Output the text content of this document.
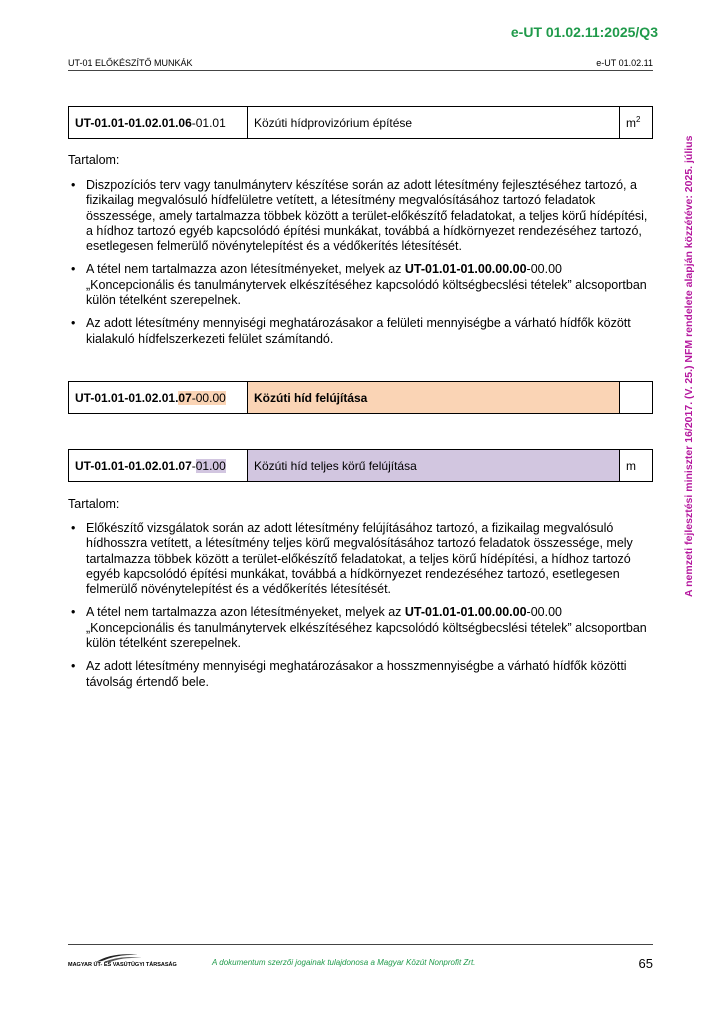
e-UT 01.02.11:2025/Q3
UT-01 ELŐKÉSZÍTŐ MUNKÁK	e-UT 01.02.11
A nemzeti fejlesztési miniszter 16/2017. (V. 25.) NFM rendelete alapján közzétéve: 2025. július
UT-01.01-01.02.01.06-01.01	Közúti hídprovizórium építése	$m^2$
Tartalom:
• Diszpozíciós terv vagy tanulmányterv készítése során az adott létesítmény fejlesztéséhez tartozó, a fizikailag megvalósuló hídfelületre vetített, a létesítmény megvalósításához tartozó feladatok összessége, amely tartalmazza többek között a terület-előkészítő feladatokat, a teljes körű hídépítési, a hídhoz tartozó egyéb kapcsolódó építési munkákat, továbbá a hídkörnyezet rendezéséhez tartozó, esetlegesen felmerülő növénytelepítést és a védőkerítés létesítését.
• A tétel nem tartalmazza azon létesítményeket, melyek az UT-01.01-01.00.00.00-00.00 „Koncepcionális és tanulmánytervek elkészítéséhez kapcsolódó költségbecslési tételek” alcsoportban külön tételként szerepelnek.
• Az adott létesítmény mennyiségi meghatározásakor a felületi mennyiségbe a várható hídfők között kialakuló hídfelszerkezeti felület számítandó.
UT-01.01-01.02.01.07-00.00	Közúti híd felújítása	
UT-01.01-01.02.01.07-01.00	Közúti híd teljes körű felújítása	m
Tartalom:
• Előkészítő vizsgálatok során az adott létesítmény felújításához tartozó, a fizikailag megvalósuló hídhosszra vetített, a létesítmény teljes körű megvalósításához tartozó feladatok összessége, mely tartalmazza többek között a terület-előkészítő feladatokat, a teljes körű hídépítési, a hídhoz tartozó egyéb kapcsolódó építési munkákat, továbbá a hídkörnyezet rendezéséhez tartozó, esetlegesen felmerülő növénytelepítést és a védőkerítés létesítését.
• A tétel nem tartalmazza azon létesítményeket, melyek az UT-01.01-01.00.00.00-00.00 „Koncepcionális és tanulmánytervek elkészítéséhez kapcsolódó költségbecslési tételek” alcsoportban külön tételként szerepelnek.
• Az adott létesítmény mennyiségi meghatározásakor a hosszmennyiségbe a várható hídfők közötti távolság értendő bele.
MAGYAR ÚT- ÉS VASÚTÜGYI TÁRSASÁG	A dokumentum szerzői jogainak tulajdonosa a Magyar Közút Nonprofit Zrt.	65
